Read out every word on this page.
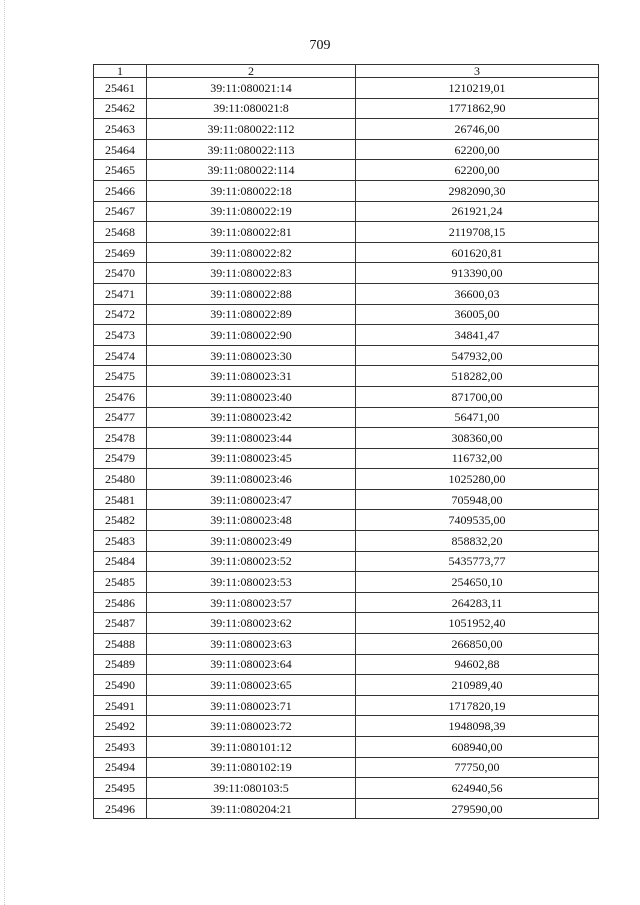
709
1	2	3
25461	39:11:080021:14	1210219,01
25462	39:11:080021:8	1771862,90
25463	39:11:080022:112	26746,00
25464	39:11:080022:113	62200,00
25465	39:11:080022:114	62200,00
25466	39:11:080022:18	2982090,30
25467	39:11:080022:19	261921,24
25468	39:11:080022:81	2119708,15
25469	39:11:080022:82	601620,81
25470	39:11:080022:83	913390,00
25471	39:11:080022:88	36600,03
25472	39:11:080022:89	36005,00
25473	39:11:080022:90	34841,47
25474	39:11:080023:30	547932,00
25475	39:11:080023:31	518282,00
25476	39:11:080023:40	871700,00
25477	39:11:080023:42	56471,00
25478	39:11:080023:44	308360,00
25479	39:11:080023:45	116732,00
25480	39:11:080023:46	1025280,00
25481	39:11:080023:47	705948,00
25482	39:11:080023:48	7409535,00
25483	39:11:080023:49	858832,20
25484	39:11:080023:52	5435773,77
25485	39:11:080023:53	254650,10
25486	39:11:080023:57	264283,11
25487	39:11:080023:62	1051952,40
25488	39:11:080023:63	266850,00
25489	39:11:080023:64	94602,88
25490	39:11:080023:65	210989,40
25491	39:11:080023:71	1717820,19
25492	39:11:080023:72	1948098,39
25493	39:11:080101:12	608940,00
25494	39:11:080102:19	77750,00
25495	39:11:080103:5	624940,56
25496	39:11:080204:21	279590,00
